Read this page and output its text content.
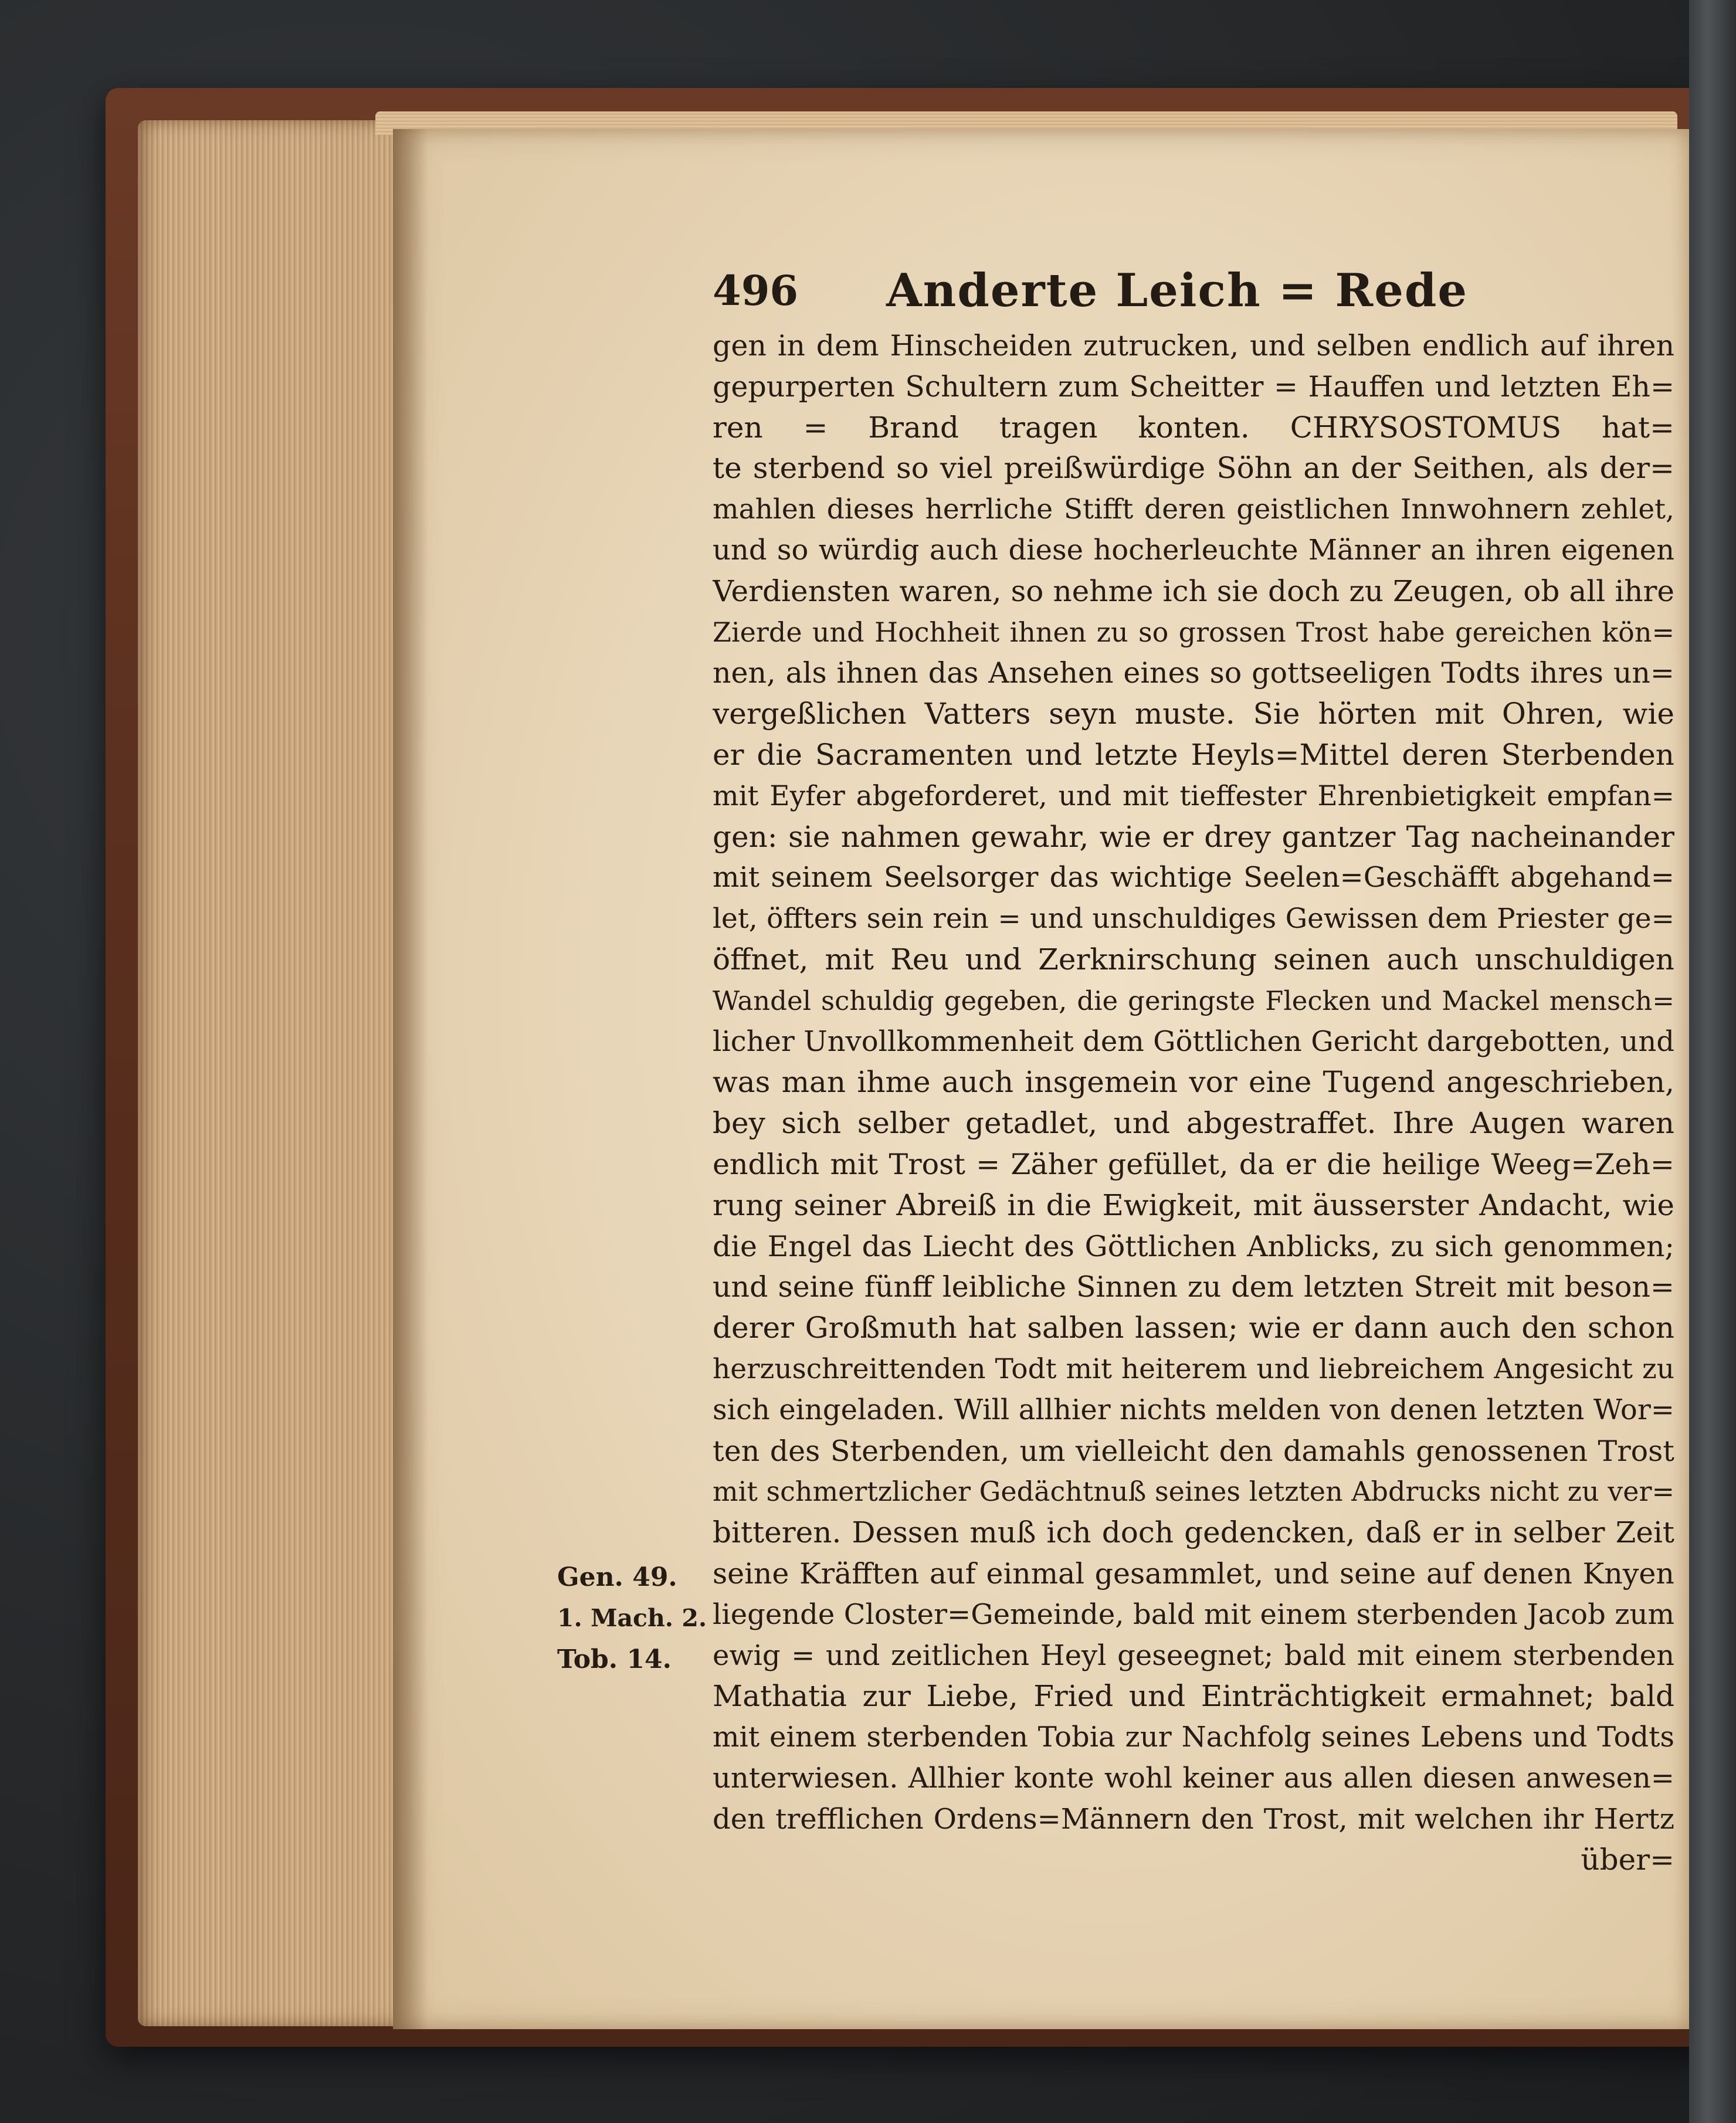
496 Anderte Leich = Rede
gen in dem Hinscheiden zutrucken, und selben endlich auf ihren
gepurperten Schultern zum Scheitter = Hauffen und letzten Eh=
ren = Brand tragen konten. CHRYSOSTOMUS hat=
te sterbend so viel preißwürdige Söhn an der Seithen, als der=
mahlen dieses herrliche Stifft deren geistlichen Innwohnern zehlet,
und so würdig auch diese hocherleuchte Männer an ihren eigenen
Verdiensten waren, so nehme ich sie doch zu Zeugen, ob all ihre
Zierde und Hochheit ihnen zu so grossen Trost habe gereichen kön=
nen, als ihnen das Ansehen eines so gottseeligen Todts ihres un=
vergeßlichen Vatters seyn muste. Sie hörten mit Ohren, wie
er die Sacramenten und letzte Heyls=Mittel deren Sterbenden
mit Eyfer abgeforderet, und mit tieffester Ehrenbietigkeit empfan=
gen: sie nahmen gewahr, wie er drey gantzer Tag nacheinander
mit seinem Seelsorger das wichtige Seelen=Geschäfft abgehand=
let, öffters sein rein = und unschuldiges Gewissen dem Priester ge=
öffnet, mit Reu und Zerknirschung seinen auch unschuldigen
Wandel schuldig gegeben, die geringste Flecken und Mackel mensch=
licher Unvollkommenheit dem Göttlichen Gericht dargebotten, und
was man ihme auch insgemein vor eine Tugend angeschrieben,
bey sich selber getadlet, und abgestraffet. Ihre Augen waren
endlich mit Trost = Zäher gefüllet, da er die heilige Weeg=Zeh=
rung seiner Abreiß in die Ewigkeit, mit äusserster Andacht, wie
die Engel das Liecht des Göttlichen Anblicks, zu sich genommen;
und seine fünff leibliche Sinnen zu dem letzten Streit mit beson=
derer Großmuth hat salben lassen; wie er dann auch den schon
herzuschreittenden Todt mit heiterem und liebreichem Angesicht zu
sich eingeladen. Will allhier nichts melden von denen letzten Wor=
ten des Sterbenden, um vielleicht den damahls genossenen Trost
mit schmertzlicher Gedächtnuß seines letzten Abdrucks nicht zu ver=
bitteren. Dessen muß ich doch gedencken, daß er in selber Zeit
seine Kräfften auf einmal gesammlet, und seine auf denen Knyen
liegende Closter=Gemeinde, bald mit einem sterbenden Jacob zum
ewig = und zeitlichen Heyl geseegnet; bald mit einem sterbenden
Mathatia zur Liebe, Fried und Einträchtigkeit ermahnet; bald
mit einem sterbenden Tobia zur Nachfolg seines Lebens und Todts
unterwiesen. Allhier konte wohl keiner aus allen diesen anwesen=
den trefflichen Ordens=Männern den Trost, mit welchen ihr Hertz
über=
Gen. 49.
1. Mach. 2.
Tob. 14.
